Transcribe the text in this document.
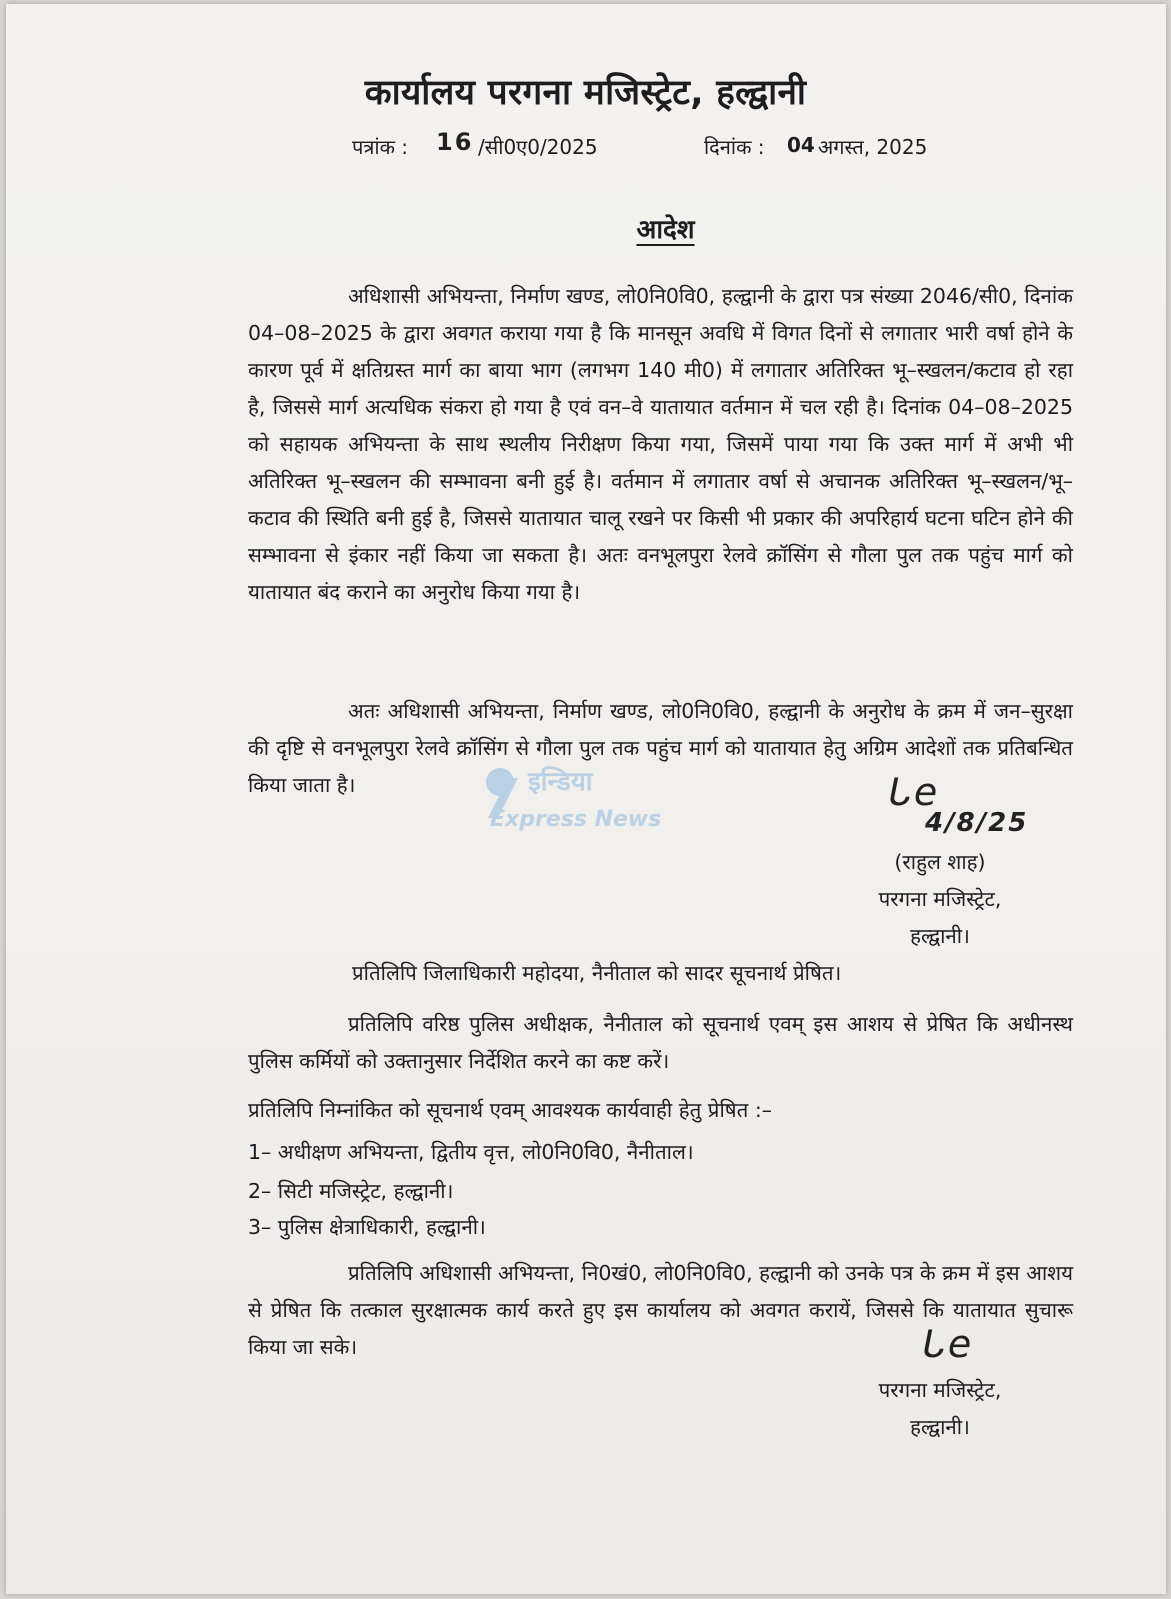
कार्यालय परगना मजिस्ट्रेट, हल्द्वानी
पत्रांक : 16 /सी0ए0/2025	दिनांक : 04 अगस्त, 2025
आदेश
अधिशासी अभियन्ता, निर्माण खण्ड, लो0नि0वि0, हल्द्वानी के द्वारा पत्र संख्या 2046/सी0, दिनांक 04–08–2025 के द्वारा अवगत कराया गया है कि मानसून अवधि में विगत दिनों से लगातार भारी वर्षा होने के कारण पूर्व में क्षतिग्रस्त मार्ग का बाया भाग (लगभग 140 मी0) में लगातार अतिरिक्त भू–स्खलन/कटाव हो रहा है, जिससे मार्ग अत्यधिक संकरा हो गया है एवं वन–वे यातायात वर्तमान में चल रही है। दिनांक 04–08–2025 को सहायक अभियन्ता के साथ स्थलीय निरीक्षण किया गया, जिसमें पाया गया कि उक्त मार्ग में अभी भी अतिरिक्त भू–स्खलन की सम्भावना बनी हुई है। वर्तमान में लगातार वर्षा से अचानक अतिरिक्त भू–स्खलन/भू–कटाव की स्थिति बनी हुई है, जिससे यातायात चालू रखने पर किसी भी प्रकार की अपरिहार्य घटना घटिन होने की सम्भावना से इंकार नहीं किया जा सकता है। अतः वनभूलपुरा रेलवे क्रॉसिंग से गौला पुल तक पहुंच मार्ग को यातायात बंद कराने का अनुरोध किया गया है।
अतः अधिशासी अभियन्ता, निर्माण खण्ड, लो0नि0वि0, हल्द्वानी के अनुरोध के क्रम में जन–सुरक्षा की दृष्टि से वनभूलपुरा रेलवे क्रॉसिंग से गौला पुल तक पहुंच मार्ग को यातायात हेतु अग्रिम आदेशों तक प्रतिबन्धित किया जाता है।	इन्डिया
Express News
ᒐe
4/8/25
(राहुल शाह)
परगना मजिस्ट्रेट,
हल्द्वानी।
प्रतिलिपि जिलाधिकारी महोदया, नैनीताल को सादर सूचनार्थ प्रेषित।
प्रतिलिपि वरिष्ठ पुलिस अधीक्षक, नैनीताल को सूचनार्थ एवम् इस आशय से प्रेषित कि अधीनस्थ पुलिस कर्मियों को उक्तानुसार निर्देशित करने का कष्ट करें।
प्रतिलिपि निम्नांकित को सूचनार्थ एवम् आवश्यक कार्यवाही हेतु प्रेषित :–
1– अधीक्षण अभियन्ता, द्वितीय वृत्त, लो0नि0वि0, नैनीताल।
2– सिटी मजिस्ट्रेट, हल्द्वानी।
3– पुलिस क्षेत्राधिकारी, हल्द्वानी।
प्रतिलिपि अधिशासी अभियन्ता, नि0खं0, लो0नि0वि0, हल्द्वानी को उनके पत्र के क्रम में इस आशय से प्रेषित कि तत्काल सुरक्षात्मक कार्य करते हुए इस कार्यालय को अवगत करायें, जिससे कि यातायात सुचारू किया जा सके।	ᒐe
परगना मजिस्ट्रेट,
हल्द्वानी।
